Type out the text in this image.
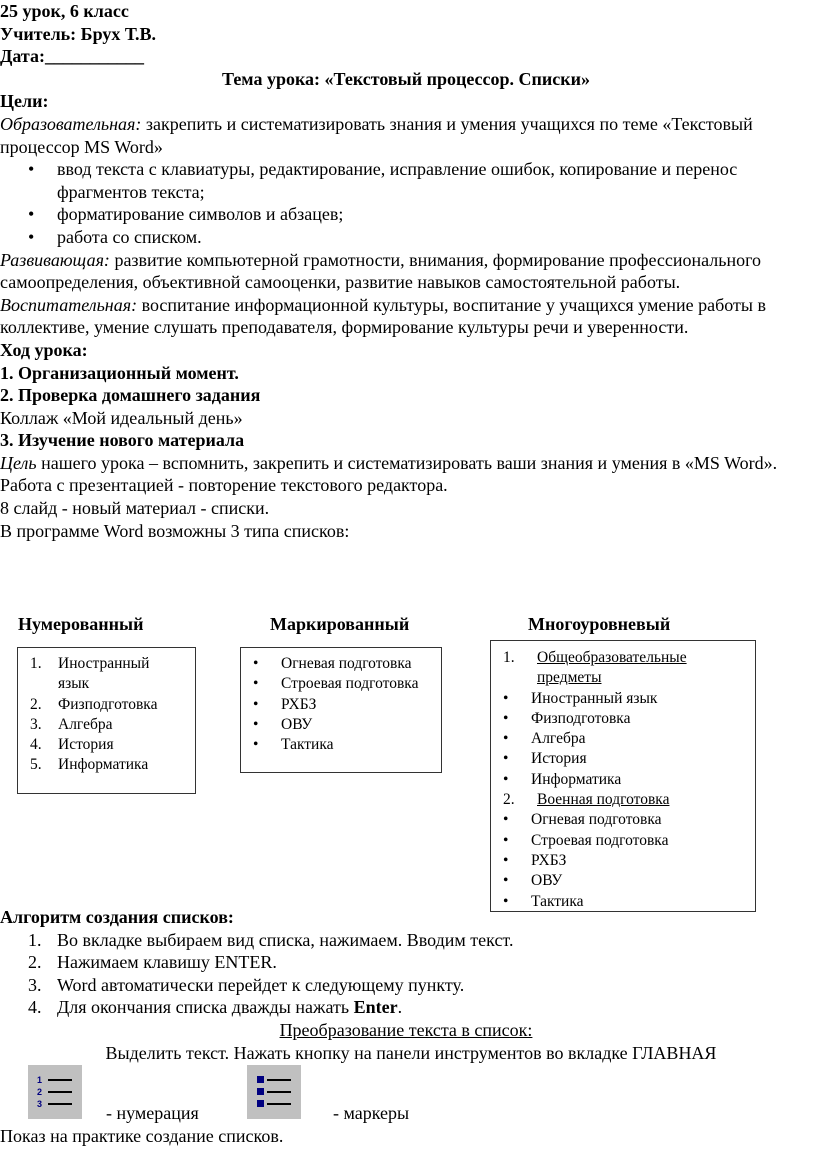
25 урок, 6 класс
Учитель: Брух Т.В.
Дата:___________
Тема урока: «Текстовый процессор. Списки»
Цели:
Образовательная: закрепить и систематизировать знания и умения учащихся по теме «Текстовый процессор MS Word»
• ввод текста с клавиатуры, редактирование, исправление ошибок, копирование и перенос фрагментов текста;
• форматирование символов и абзацев;
• работа со списком.
Развивающая: развитие компьютерной грамотности, внимания, формирование профессионального самоопределения, объективной самооценки, развитие навыков самостоятельной работы.
Воспитательная: воспитание информационной культуры, воспитание у учащихся умение работы в коллективе, умение слушать преподавателя, формирование культуры речи и уверенности.
Ход урока:
1. Организационный момент.
2. Проверка домашнего задания
Коллаж «Мой идеальный день»
3. Изучение нового материала
Цель нашего урока – вспомнить, закрепить и систематизировать ваши знания и умения в «MS Word».
Работа с презентацией - повторение текстового редактора.
8 слайд - новый материал - списки.
В программе Word возможны 3 типа списков:
Нумерованный	Маркированный	Многоуровневый
1. Иностранный язык
2. Физподготовка
3. Алгебра
4. История
5. Информатика
• Огневая подготовка
• Строевая подготовка
• РХБЗ
• ОВУ
• Тактика
1. Общеобразовательные предметы
• Иностранный язык
• Физподготовка
• Алгебра
• История
• Информатика
2. Военная подготовка
• Огневая подготовка
• Строевая подготовка
• РХБЗ
• ОВУ
• Тактика
Алгоритм создания списков:
1. Во вкладке выбираем вид списка, нажимаем. Вводим текст.
2. Нажимаем клавишу ENTER.
3. Word автоматически перейдет к следующему пункту.
4. Для окончания списка дважды нажать Enter.
Преобразование текста в список:
Выделить текст. Нажать кнопку на панели инструментов во вкладке ГЛАВНАЯ
1
2
3	- нумерация	- маркеры
Показ на практике создание списков.
